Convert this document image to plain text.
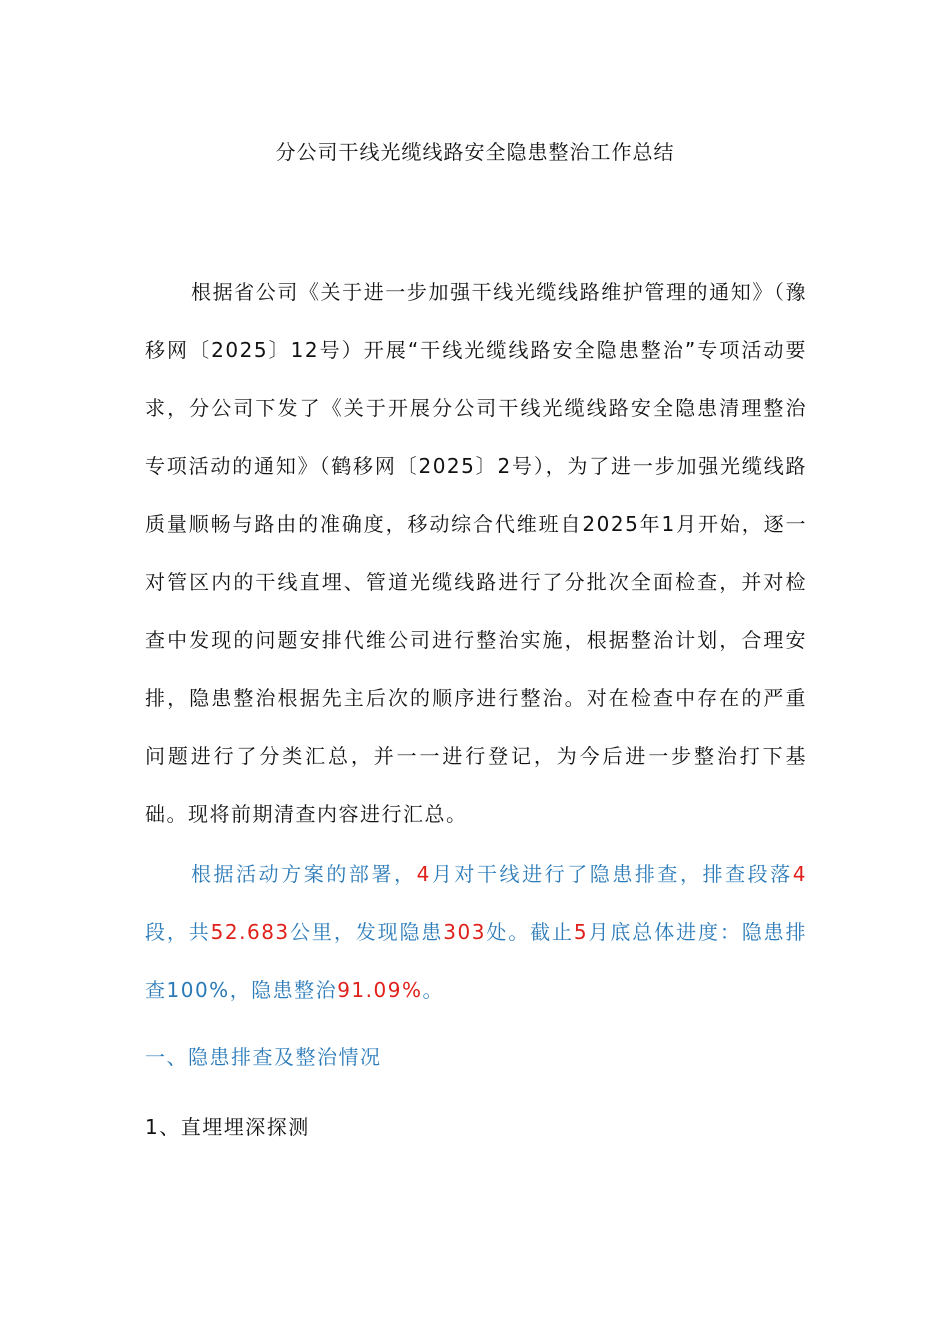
分公司干线光缆线路安全隐患整治工作总结

根据省公司《关于进一步加强干线光缆线路维护管理的通知》（豫移网〔2025〕12号）开展“干线光缆线路安全隐患整治”专项活动要求，分公司下发了《关于开展分公司干线光缆线路安全隐患清理整治专项活动的通知》（鹤移网〔2025〕2号），为了进一步加强光缆线路质量顺畅与路由的准确度，移动综合代维班自2025年1月开始，逐一对管区内的干线直埋、管道光缆线路进行了分批次全面检查，并对检查中发现的问题安排代维公司进行整治实施，根据整治计划，合理安排，隐患整治根据先主后次的顺序进行整治。对在检查中存在的严重问题进行了分类汇总，并一一进行登记，为今后进一步整治打下基础。现将前期清查内容进行汇总。

根据活动方案的部署，4月对干线进行了隐患排查，排查段落4段，共52.683公里，发现隐患303处。截止5月底总体进度：隐患排查100%，隐患整治91.09%。

一、隐患排查及整治情况
1、直埋埋深探测
